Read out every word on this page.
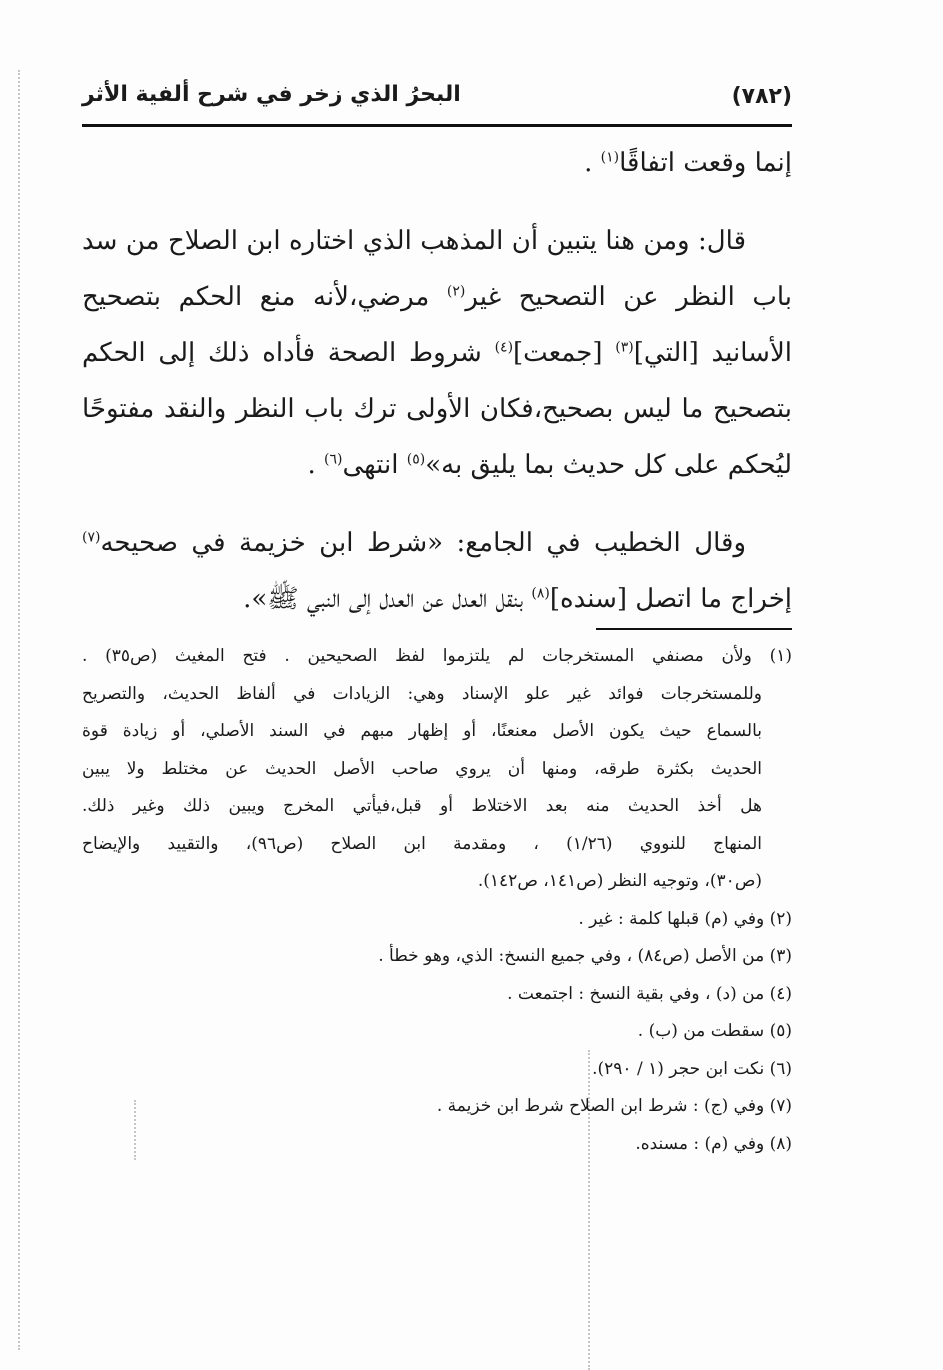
(٧٨٢)
البحرُ الذي زخر في شرح ألفية الأثر

إنما وقعت اتفاقًا$^{(١)}$ .

قال: ومن هنا يتبين أن المذهب الذي اختاره ابن الصلاح من سد باب النظر عن التصحيح غير$^{(٢)}$ مرضي،لأنه منع الحكم بتصحيح الأسانيد [التي]$^{(٣)}$ [جمعت]$^{(٤)}$ شروط الصحة فأداه ذلك إلى الحكم بتصحيح ما ليس بصحيح،فكان الأولى ترك باب النظر والنقد مفتوحًا ليُحكم على كل حديث بما يليق به»$^{(٥)}$ انتهى$^{(٦)}$ .

وقال الخطيب في الجامع: «شرط ابن خزيمة في صحيحه$^{(٧)}$ إخراج ما اتصل [سنده]$^{(٨)}$ بنقل العدل عن العدل إلى النبي ﷺ».

(١) ولأن مصنفي المستخرجات لم يلتزموا لفظ الصحيحين . فتح المغيث (ص٣٥) .
وللمستخرجات فوائد غير علو الإسناد وهي: الزيادات في ألفاظ الحديث، والتصريح
بالسماع حيث يكون الأصل معنعنًا، أو إظهار مبهم في السند الأصلي، أو زيادة قوة
الحديث بكثرة طرقه، ومنها أن يروي صاحب الأصل الحديث عن مختلط ولا يبين
هل أخذ الحديث منه بعد الاختلاط أو قبل،فيأتي المخرج ويبين ذلك وغير ذلك.
المنهاج للنووي (١/٢٦) ، ومقدمة ابن الصلاح (ص٩٦)، والتقييد والإيضاح
(ص٣٠)، وتوجيه النظر (ص١٤١، ص١٤٢).
(٢) وفي (م) قبلها كلمة : غير .
(٣) من الأصل (ص٨٤) ، وفي جميع النسخ: الذي، وهو خطأ .
(٤) من (د) ، وفي بقية النسخ : اجتمعت .
(٥) سقطت من (ب) .
(٦) نكت ابن حجر (١ / ٢٩٠).
(٧) وفي (ج) : شرط ابن الصلاح شرط ابن خزيمة .
(٨) وفي (م) : مسنده.
